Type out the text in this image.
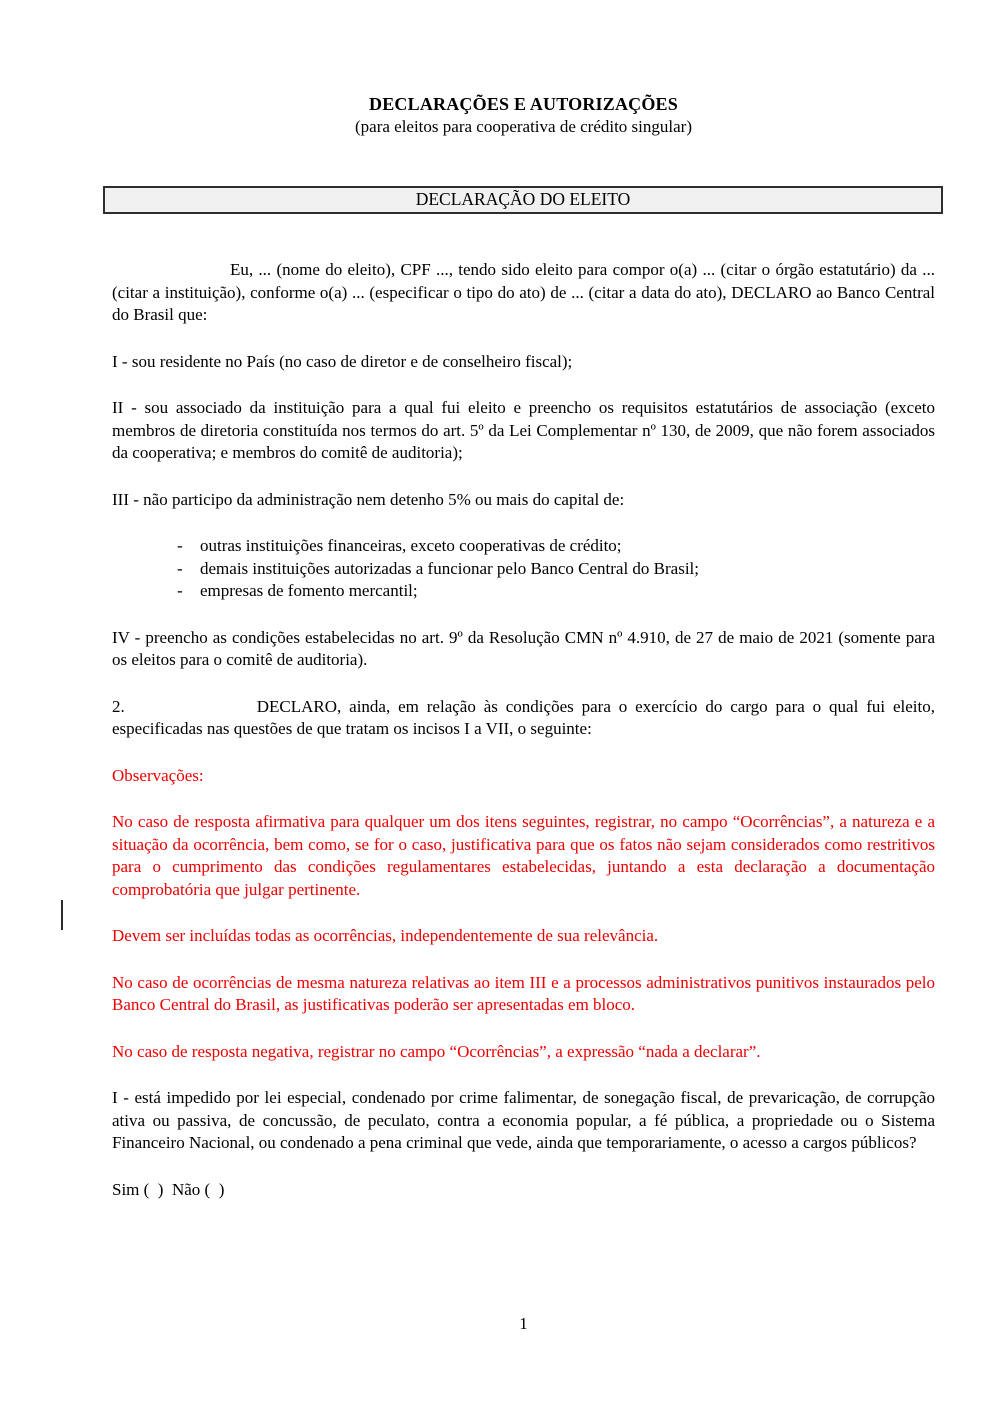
DECLARAÇÕES E AUTORIZAÇÕES
(para eleitos para cooperativa de crédito singular)
DECLARAÇÃO DO ELEITO

Eu, ... (nome do eleito), CPF ..., tendo sido eleito para compor o(a) ... (citar o órgão estatutário) da ... (citar a instituição), conforme o(a) ... (especificar o tipo do ato) de ... (citar a data do ato), DECLARO ao Banco Central do Brasil que:

I - sou residente no País (no caso de diretor e de conselheiro fiscal);

II - sou associado da instituição para a qual fui eleito e preencho os requisitos estatutários de associação (exceto membros de diretoria constituída nos termos do art. 5º da Lei Complementar nº 130, de 2009, que não forem associados da cooperativa; e membros do comitê de auditoria);

III - não participo da administração nem detenho 5% ou mais do capital de:

- outras instituições financeiras, exceto cooperativas de crédito;
- demais instituições autorizadas a funcionar pelo Banco Central do Brasil;
- empresas de fomento mercantil;

IV - preencho as condições estabelecidas no art. 9º da Resolução CMN nº 4.910, de 27 de maio de 2021 (somente para os eleitos para o comitê de auditoria).

2.	DECLARO, ainda, em relação às condições para o exercício do cargo para o qual fui eleito, especificadas nas questões de que tratam os incisos I a VII, o seguinte:

Observações:

No caso de resposta afirmativa para qualquer um dos itens seguintes, registrar, no campo “Ocorrências”, a natureza e a situação da ocorrência, bem como, se for o caso, justificativa para que os fatos não sejam considerados como restritivos para o cumprimento das condições regulamentares estabelecidas, juntando a esta declaração a documentação comprobatória que julgar pertinente.

Devem ser incluídas todas as ocorrências, independentemente de sua relevância.

No caso de ocorrências de mesma natureza relativas ao item III e a processos administrativos punitivos instaurados pelo Banco Central do Brasil, as justificativas poderão ser apresentadas em bloco.

No caso de resposta negativa, registrar no campo “Ocorrências”, a expressão “nada a declarar”.

I - está impedido por lei especial, condenado por crime falimentar, de sonegação fiscal, de prevaricação, de corrupção ativa ou passiva, de concussão, de peculato, contra a economia popular, a fé pública, a propriedade ou o Sistema Financeiro Nacional, ou condenado a pena criminal que vede, ainda que temporariamente, o acesso a cargos públicos?

Sim (  )  Não (  )

1
